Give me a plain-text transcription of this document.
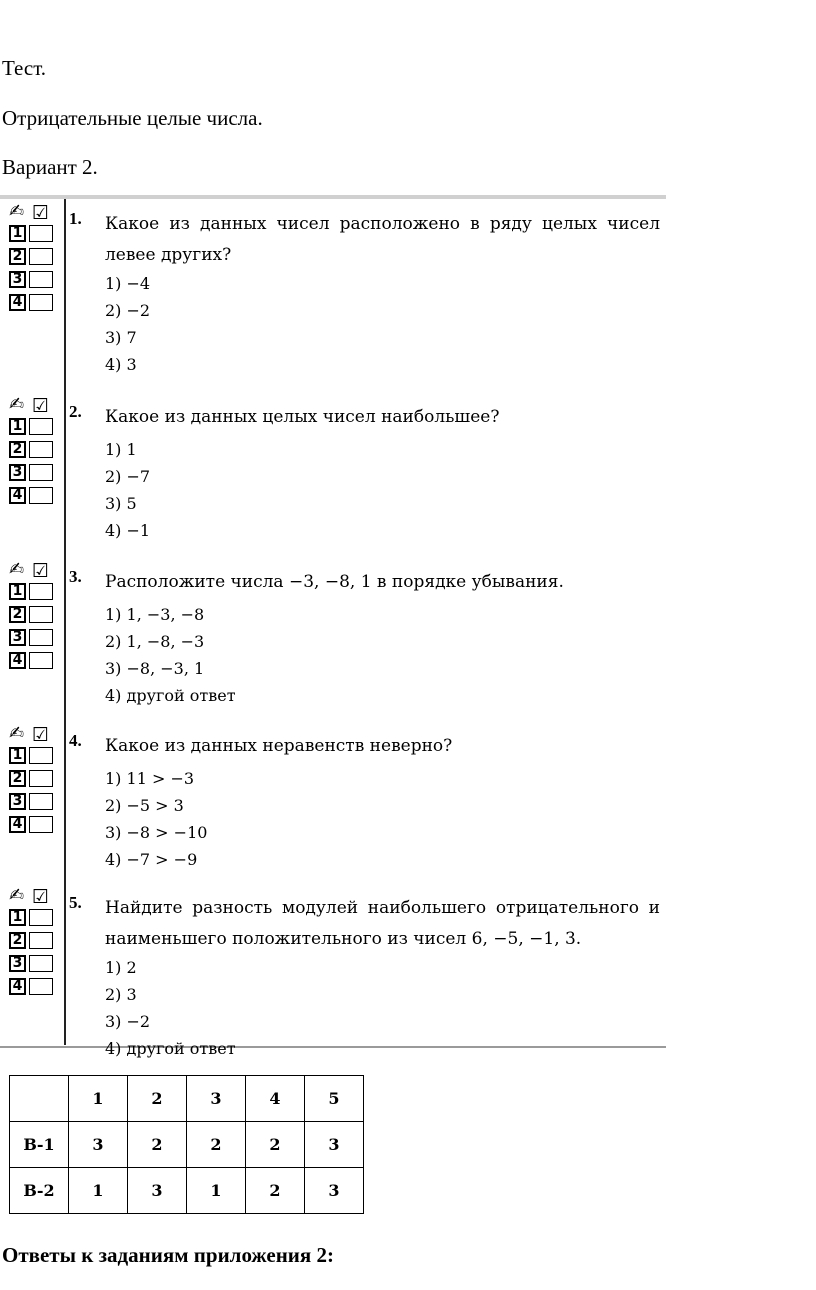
Тест.
Отрицательные целые числа.
Вариант 2.
✍ ☑
1
2
3
4
1. Какое из данных чисел расположено в ряду целых чисел левее других?
1) −4
2) −2
3) 7
4) 3
✍ ☑
1
2
3
4
2. Какое из данных целых чисел наибольшее?
1) 1
2) −7
3) 5
4) −1
✍ ☑
1
2
3
4
3. Расположите числа −3, −8, 1 в порядке убывания.
1) 1, −3, −8
2) 1, −8, −3
3) −8, −3, 1
4) другой ответ
✍ ☑
1
2
3
4
4. Какое из данных неравенств неверно?
1) 11 > −3
2) −5 > 3
3) −8 > −10
4) −7 > −9
✍ ☑
1
2
3
4
5. Найдите разность модулей наибольшего отрицательного и наименьшего положительного из чисел 6, −5, −1, 3.
1) 2
2) 3
3) −2
4) другой ответ
	1	2	3	4	5
В-1	3	2	2	2	3
В-2	1	3	1	2	3
Ответы к заданиям приложения 2:
